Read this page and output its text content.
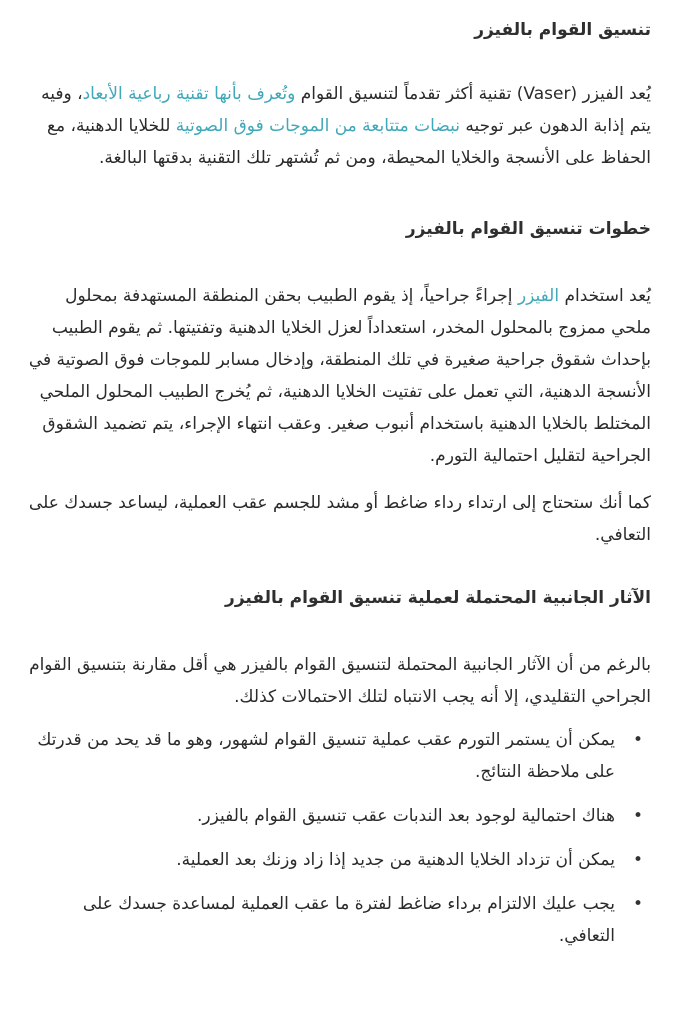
تنسيق القوام بالفيزر

يُعد الفيزر (Vaser) تقنية أكثر تقدماً لتنسيق القوام وتُعرف بأنها تقنية رباعية الأبعاد، وفيه يتم إذابة الدهون عبر توجيه نبضات متتابعة من الموجات فوق الصوتية للخلايا الدهنية، مع الحفاظ على الأنسجة والخلايا المحيطة، ومن ثم تُشتهر تلك التقنية بدقتها البالغة.

خطوات تنسيق القوام بالفيزر

يُعد استخدام الفيزر إجراءً جراحياً، إذ يقوم الطبيب بحقن المنطقة المستهدفة بمحلول ملحي ممزوج بالمحلول المخدر، استعداداً لعزل الخلايا الدهنية وتفتيتها. ثم يقوم الطبيب بإحداث شقوق جراحية صغيرة في تلك المنطقة، وإدخال مسابر للموجات فوق الصوتية في الأنسجة الدهنية، التي تعمل على تفتيت الخلايا الدهنية، ثم يُخرج الطبيب المحلول الملحي المختلط بالخلايا الدهنية باستخدام أنبوب صغير. وعقب انتهاء الإجراء، يتم تضميد الشقوق الجراحية لتقليل احتمالية التورم.

كما أنك ستحتاج إلى ارتداء رداء ضاغط أو مشد للجسم عقب العملية، ليساعد جسدك على التعافي.

الآثار الجانبية المحتملة لعملية تنسيق القوام بالفيزر

بالرغم من أن الآثار الجانبية المحتملة لتنسيق القوام بالفيزر هي أقل مقارنة بتنسيق القوام الجراحي التقليدي، إلا أنه يجب الانتباه لتلك الاحتمالات كذلك.

•
يمكن أن يستمر التورم عقب عملية تنسيق القوام لشهور، وهو ما قد يحد من قدرتك على ملاحظة النتائج.
•
هناك احتمالية لوجود بعد الندبات عقب تنسيق القوام بالفيزر.
•
يمكن أن تزداد الخلايا الدهنية من جديد إذا زاد وزنك بعد العملية.
•
يجب عليك الالتزام برداء ضاغط لفترة ما عقب العملية لمساعدة جسدك على التعافي.
